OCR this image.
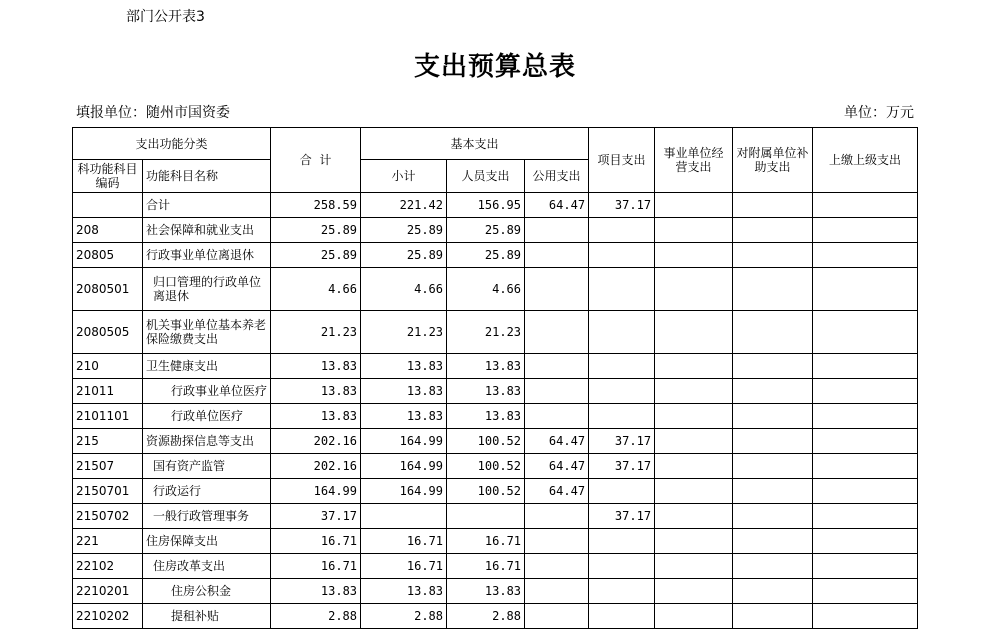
部门公开表3
支出预算总表
填报单位：随州市国资委	单位：万元
支出功能分类		合  计	基本支出			项目支出	事业单位经营支出	对附属单位补助支出	上缴上级支出
科功能科目编码	功能科目名称		小计	人员支出	公用支出				
	合计	258.59	221.42	156.95	64.47	37.17			
208	社会保障和就业支出	25.89	25.89	25.89					
20805	行政事业单位离退休	25.89	25.89	25.89					
2080501	归口管理的行政单位离退休	4.66	4.66	4.66					
2080505	机关事业单位基本养老保险缴费支出	21.23	21.23	21.23					
210	卫生健康支出	13.83	13.83	13.83					
21011	行政事业单位医疗	13.83	13.83	13.83					
2101101	行政单位医疗	13.83	13.83	13.83					
215	资源勘探信息等支出	202.16	164.99	100.52	64.47	37.17			
21507	国有资产监管	202.16	164.99	100.52	64.47	37.17			
2150701	行政运行	164.99	164.99	100.52	64.47				
2150702	一般行政管理事务	37.17				37.17			
221	住房保障支出	16.71	16.71	16.71					
22102	住房改革支出	16.71	16.71	16.71					
2210201	住房公积金	13.83	13.83	13.83					
2210202	提租补贴	2.88	2.88	2.88					
